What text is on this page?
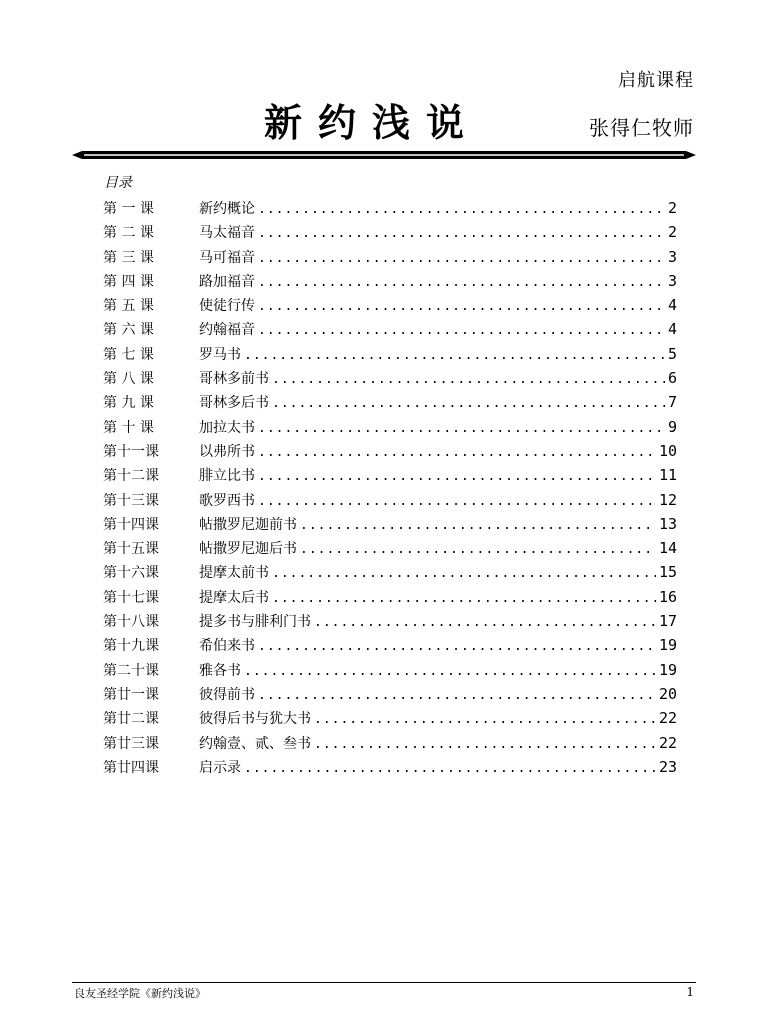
启航课程
新约浅说	张得仁牧师
目录
第 一 课	新约概论 .....	2
第 二 课	马太福音 .....	2
第 三 课	马可福音 .....	3
第 四 课	路加福音 .....	3
第 五 课	使徒行传 .....	4
第 六 课	约翰福音 .....	4
第 七 课	罗马书 .....	5
第 八 课	哥林多前书 .....	6
第 九 课	哥林多后书 .....	7
第 十 课	加拉太书 .....	9
第十一课	以弗所书 .....	10
第十二课	腓立比书 .....	11
第十三课	歌罗西书 .....	12
第十四课	帖撒罗尼迦前书 .....	13
第十五课	帖撒罗尼迦后书 .....	14
第十六课	提摩太前书 .....	15
第十七课	提摩太后书 .....	16
第十八课	提多书与腓利门书 .....	17
第十九课	希伯来书 .....	19
第二十课	雅各书 .....	19
第廿一课	彼得前书 .....	20
第廿二课	彼得后书与犹大书 .....	22
第廿三课	约翰壹、贰、叁书 .....	22
第廿四课	启示录 .....	23
良友圣经学院《新约浅说》	1
